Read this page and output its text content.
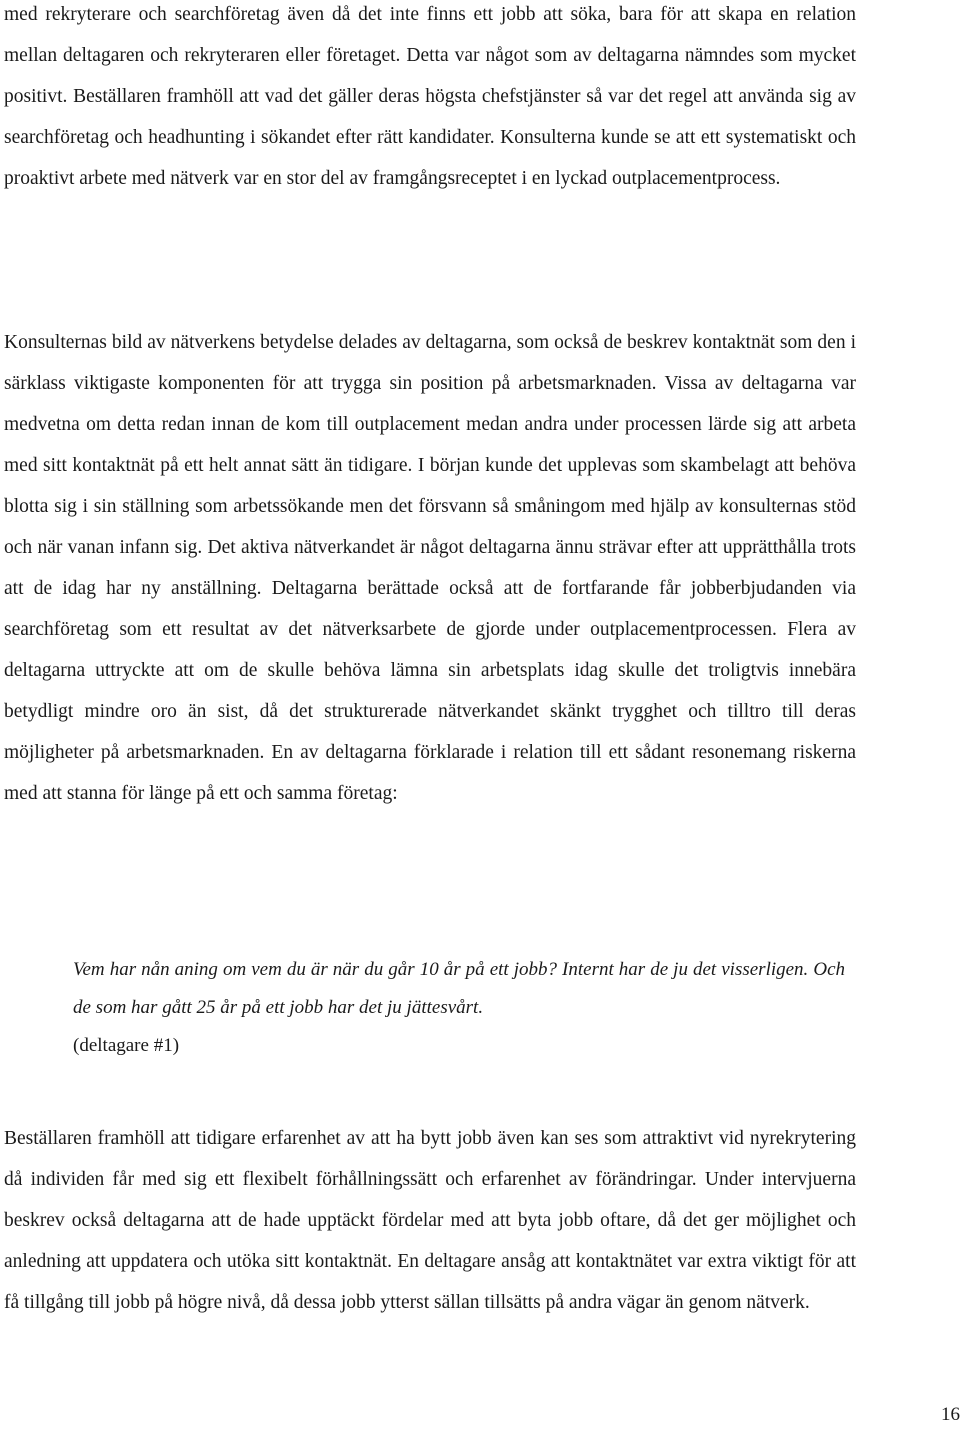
med rekryterare och searchföretag även då det inte finns ett jobb att söka, bara för att skapa en relation mellan deltagaren och rekryteraren eller företaget. Detta var något som av deltagarna nämndes som mycket positivt. Beställaren framhöll att vad det gäller deras högsta chefstjänster så var det regel att använda sig av searchföretag och headhunting i sökandet efter rätt kandidater. Konsulterna kunde se att ett systematiskt och proaktivt arbete med nätverk var en stor del av framgångsreceptet i en lyckad outplacementprocess.

Konsulternas bild av nätverkens betydelse delades av deltagarna, som också de beskrev kontaktnät som den i särklass viktigaste komponenten för att trygga sin position på arbetsmarknaden. Vissa av deltagarna var medvetna om detta redan innan de kom till outplacement medan andra under processen lärde sig att arbeta med sitt kontaktnät på ett helt annat sätt än tidigare. I början kunde det upplevas som skambelagt att behöva blotta sig i sin ställning som arbetssökande men det försvann så småningom med hjälp av konsulternas stöd och när vanan infann sig. Det aktiva nätverkandet är något deltagarna ännu strävar efter att upprätthålla trots att de idag har ny anställning. Deltagarna berättade också att de fortfarande får jobberbjudanden via searchföretag som ett resultat av det nätverksarbete de gjorde under outplacementprocessen. Flera av deltagarna uttryckte att om de skulle behöva lämna sin arbetsplats idag skulle det troligtvis innebära betydligt mindre oro än sist, då det strukturerade nätverkandet skänkt trygghet och tilltro till deras möjligheter på arbetsmarknaden. En av deltagarna förklarade i relation till ett sådant resonemang riskerna med att stanna för länge på ett och samma företag:

Vem har nån aning om vem du är när du går 10 år på ett jobb? Internt har de ju det visserligen. Och de som har gått 25 år på ett jobb har det ju jättesvårt.
(deltagare #1)

Beställaren framhöll att tidigare erfarenhet av att ha bytt jobb även kan ses som attraktivt vid nyrekrytering då individen får med sig ett flexibelt förhållningssätt och erfarenhet av förändringar. Under intervjuerna beskrev också deltagarna att de hade upptäckt fördelar med att byta jobb oftare, då det ger möjlighet och anledning att uppdatera och utöka sitt kontaktnät. En deltagare ansåg att kontaktnätet var extra viktigt för att få tillgång till jobb på högre nivå, då dessa jobb ytterst sällan tillsätts på andra vägar än genom nätverk.

16
